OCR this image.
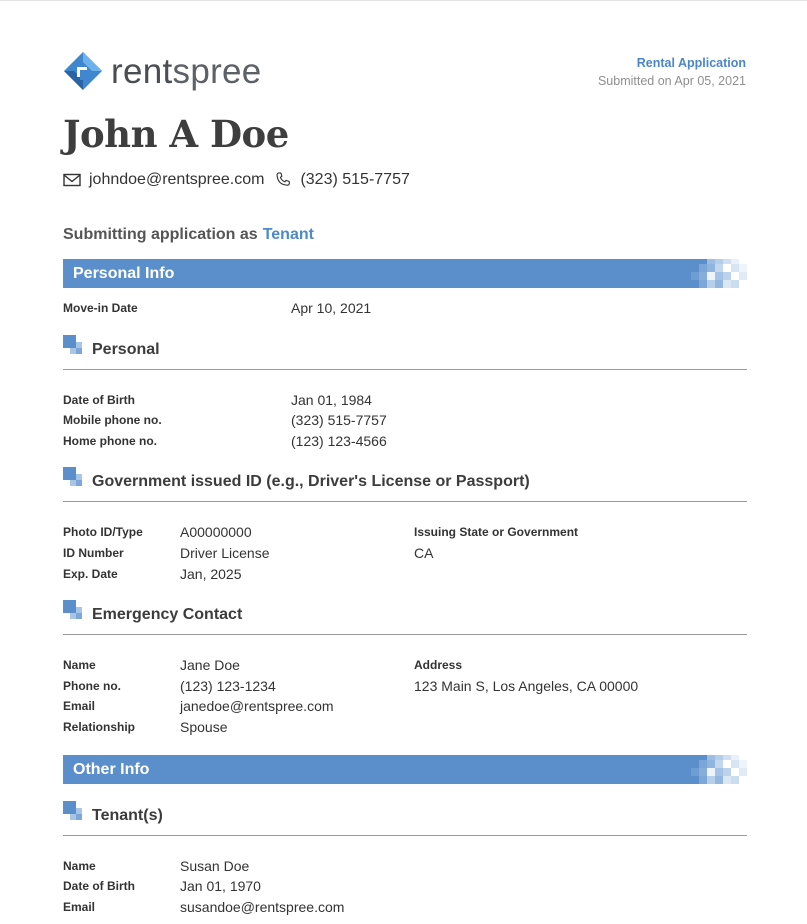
rentspree	Rental Application
Submitted on Apr 05, 2021
John A Doe
johndoe@rentspree.com (323) 515-7757
Submitting application as Tenant
Personal Info
Move-in Date	Apr 10, 2021
Personal
Date of Birth	Jan 01, 1984
Mobile phone no.	(323) 515-7757
Home phone no.	(123) 123-4566
Government issued ID (e.g., Driver's License or Passport)
Photo ID/Type	A00000000
ID Number	Driver License
Exp. Date	Jan, 2025
Issuing State or Government
CA
Emergency Contact
Name	Jane Doe
Phone no.	(123) 123-1234
Email	janedoe@rentspree.com
Relationship	Spouse
Address
123 Main S, Los Angeles, CA 00000
Other Info
Tenant(s)
Name	Susan Doe
Date of Birth	Jan 01, 1970
Email	susandoe@rentspree.com
